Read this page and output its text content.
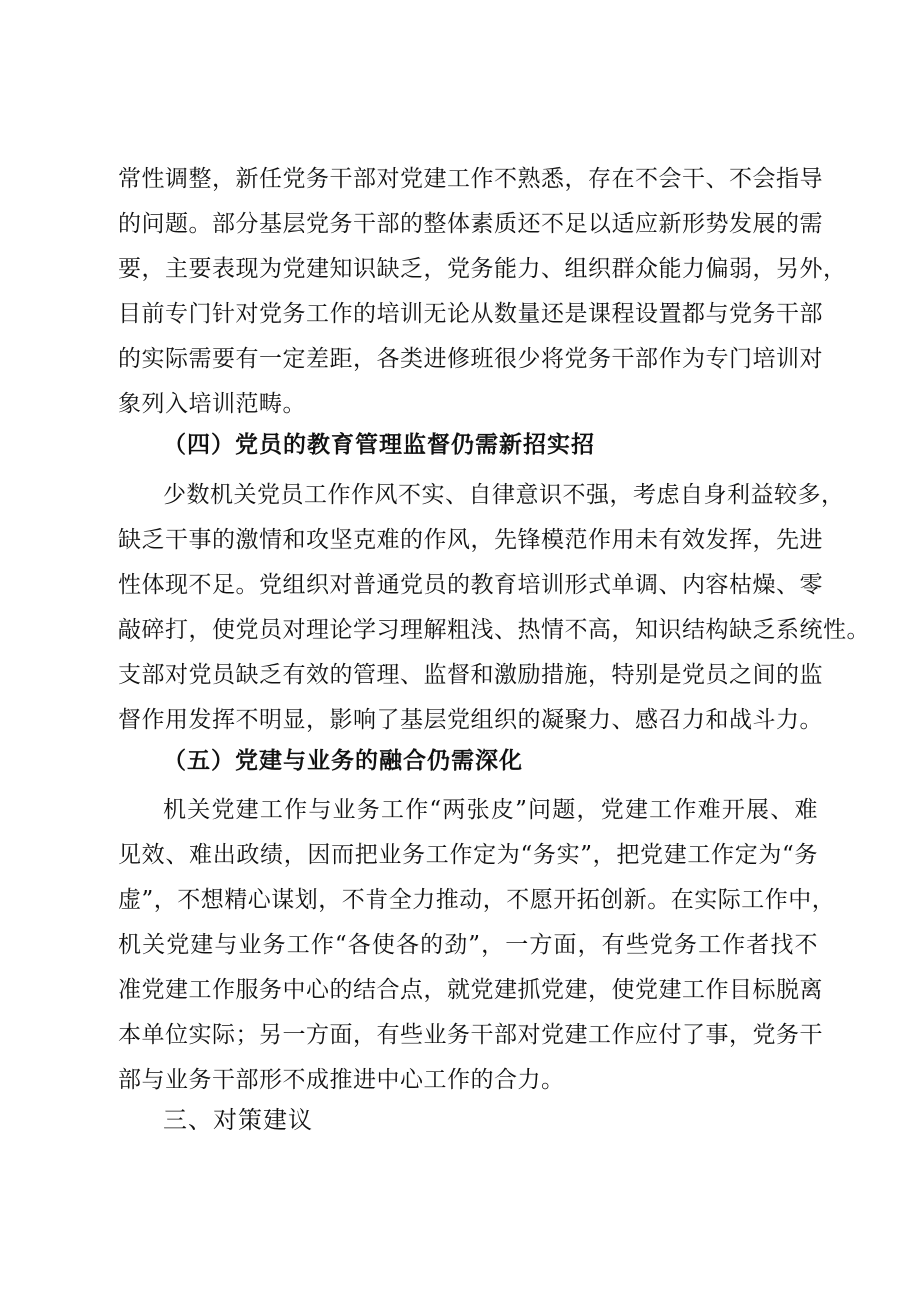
常性调整，新任党务干部对党建工作不熟悉，存在不会干、不会指导
的问题。部分基层党务干部的整体素质还不足以适应新形势发展的需
要，主要表现为党建知识缺乏，党务能力、组织群众能力偏弱，另外，
目前专门针对党务工作的培训无论从数量还是课程设置都与党务干部
的实际需要有一定差距，各类进修班很少将党务干部作为专门培训对
象列入培训范畴。
（四）党员的教育管理监督仍需新招实招
少数机关党员工作作风不实、自律意识不强，考虑自身利益较多，
缺乏干事的激情和攻坚克难的作风，先锋模范作用未有效发挥，先进
性体现不足。党组织对普通党员的教育培训形式单调、内容枯燥、零
敲碎打，使党员对理论学习理解粗浅、热情不高，知识结构缺乏系统性。
支部对党员缺乏有效的管理、监督和激励措施，特别是党员之间的监
督作用发挥不明显，影响了基层党组织的凝聚力、感召力和战斗力。
（五）党建与业务的融合仍需深化
机关党建工作与业务工作“两张皮”问题，党建工作难开展、难
见效、难出政绩，因而把业务工作定为“务实”，把党建工作定为“务
虚”，不想精心谋划，不肯全力推动，不愿开拓创新。在实际工作中，
机关党建与业务工作“各使各的劲”，一方面，有些党务工作者找不
准党建工作服务中心的结合点，就党建抓党建，使党建工作目标脱离
本单位实际；另一方面，有些业务干部对党建工作应付了事，党务干
部与业务干部形不成推进中心工作的合力。
三、对策建议
